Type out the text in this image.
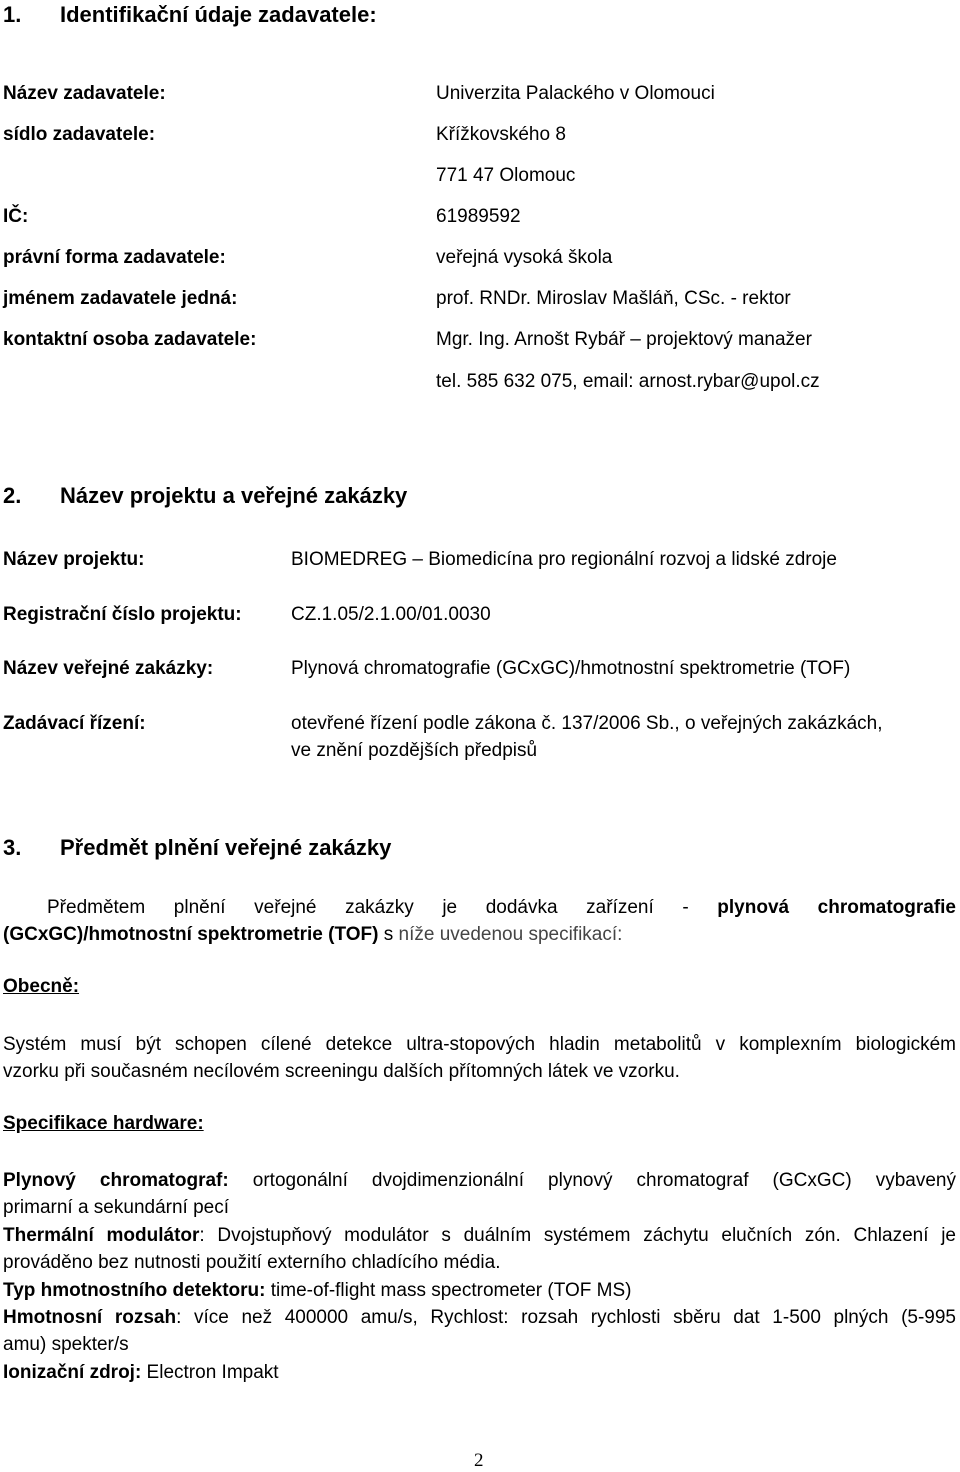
1. Identifikační údaje zadavatele:
Název zadavatele:	Univerzita Palackého v Olomouci
sídlo zadavatele:	Křížkovského 8
771 47 Olomouc
IČ:	61989592
právní forma zadavatele:	veřejná vysoká škola
jménem zadavatele jedná:	prof. RNDr. Miroslav Mašláň, CSc. - rektor
kontaktní osoba zadavatele:	Mgr. Ing. Arnošt Rybář – projektový manažer
tel. 585 632 075, email: arnost.rybar@upol.cz
2. Název projektu a veřejné zakázky
Název projektu:	BIOMEDREG – Biomedicína pro regionální rozvoj a lidské zdroje
Registrační číslo projektu:	CZ.1.05/2.1.00/01.0030
Název veřejné zakázky:	Plynová chromatografie (GCxGC)/hmotnostní spektrometrie (TOF)
Zadávací řízení:	otevřené řízení podle zákona č. 137/2006 Sb., o veřejných zakázkách,
ve znění pozdějších předpisů
3. Předmět plnění veřejné zakázky
Předmětem plnění veřejné zakázky je dodávka zařízení - plynová chromatografie
(GCxGC)/hmotnostní spektrometrie (TOF) s níže uvedenou specifikací:
Obecně:
Systém musí být schopen cílené detekce ultra-stopových hladin metabolitů v komplexním biologickém
vzorku při současném necílovém screeningu dalších přítomných látek ve vzorku.
Specifikace hardware:
Plynový chromatograf: ortogonální dvojdimenzionální plynový chromatograf (GCxGC) vybavený
primarní a sekundární pecí
Thermální modulátor: Dvojstupňový modulátor s duálním systémem záchytu elučních zón. Chlazení je
prováděno bez nutnosti použití externího chladícího média.
Typ hmotnostního detektoru: time-of-flight mass spectrometer (TOF MS)
Hmotnosní rozsah: více než 400000 amu/s, Rychlost: rozsah rychlosti sběru dat 1-500 plných (5-995
amu) spekter/s
Ionizační zdroj: Electron Impakt
2
